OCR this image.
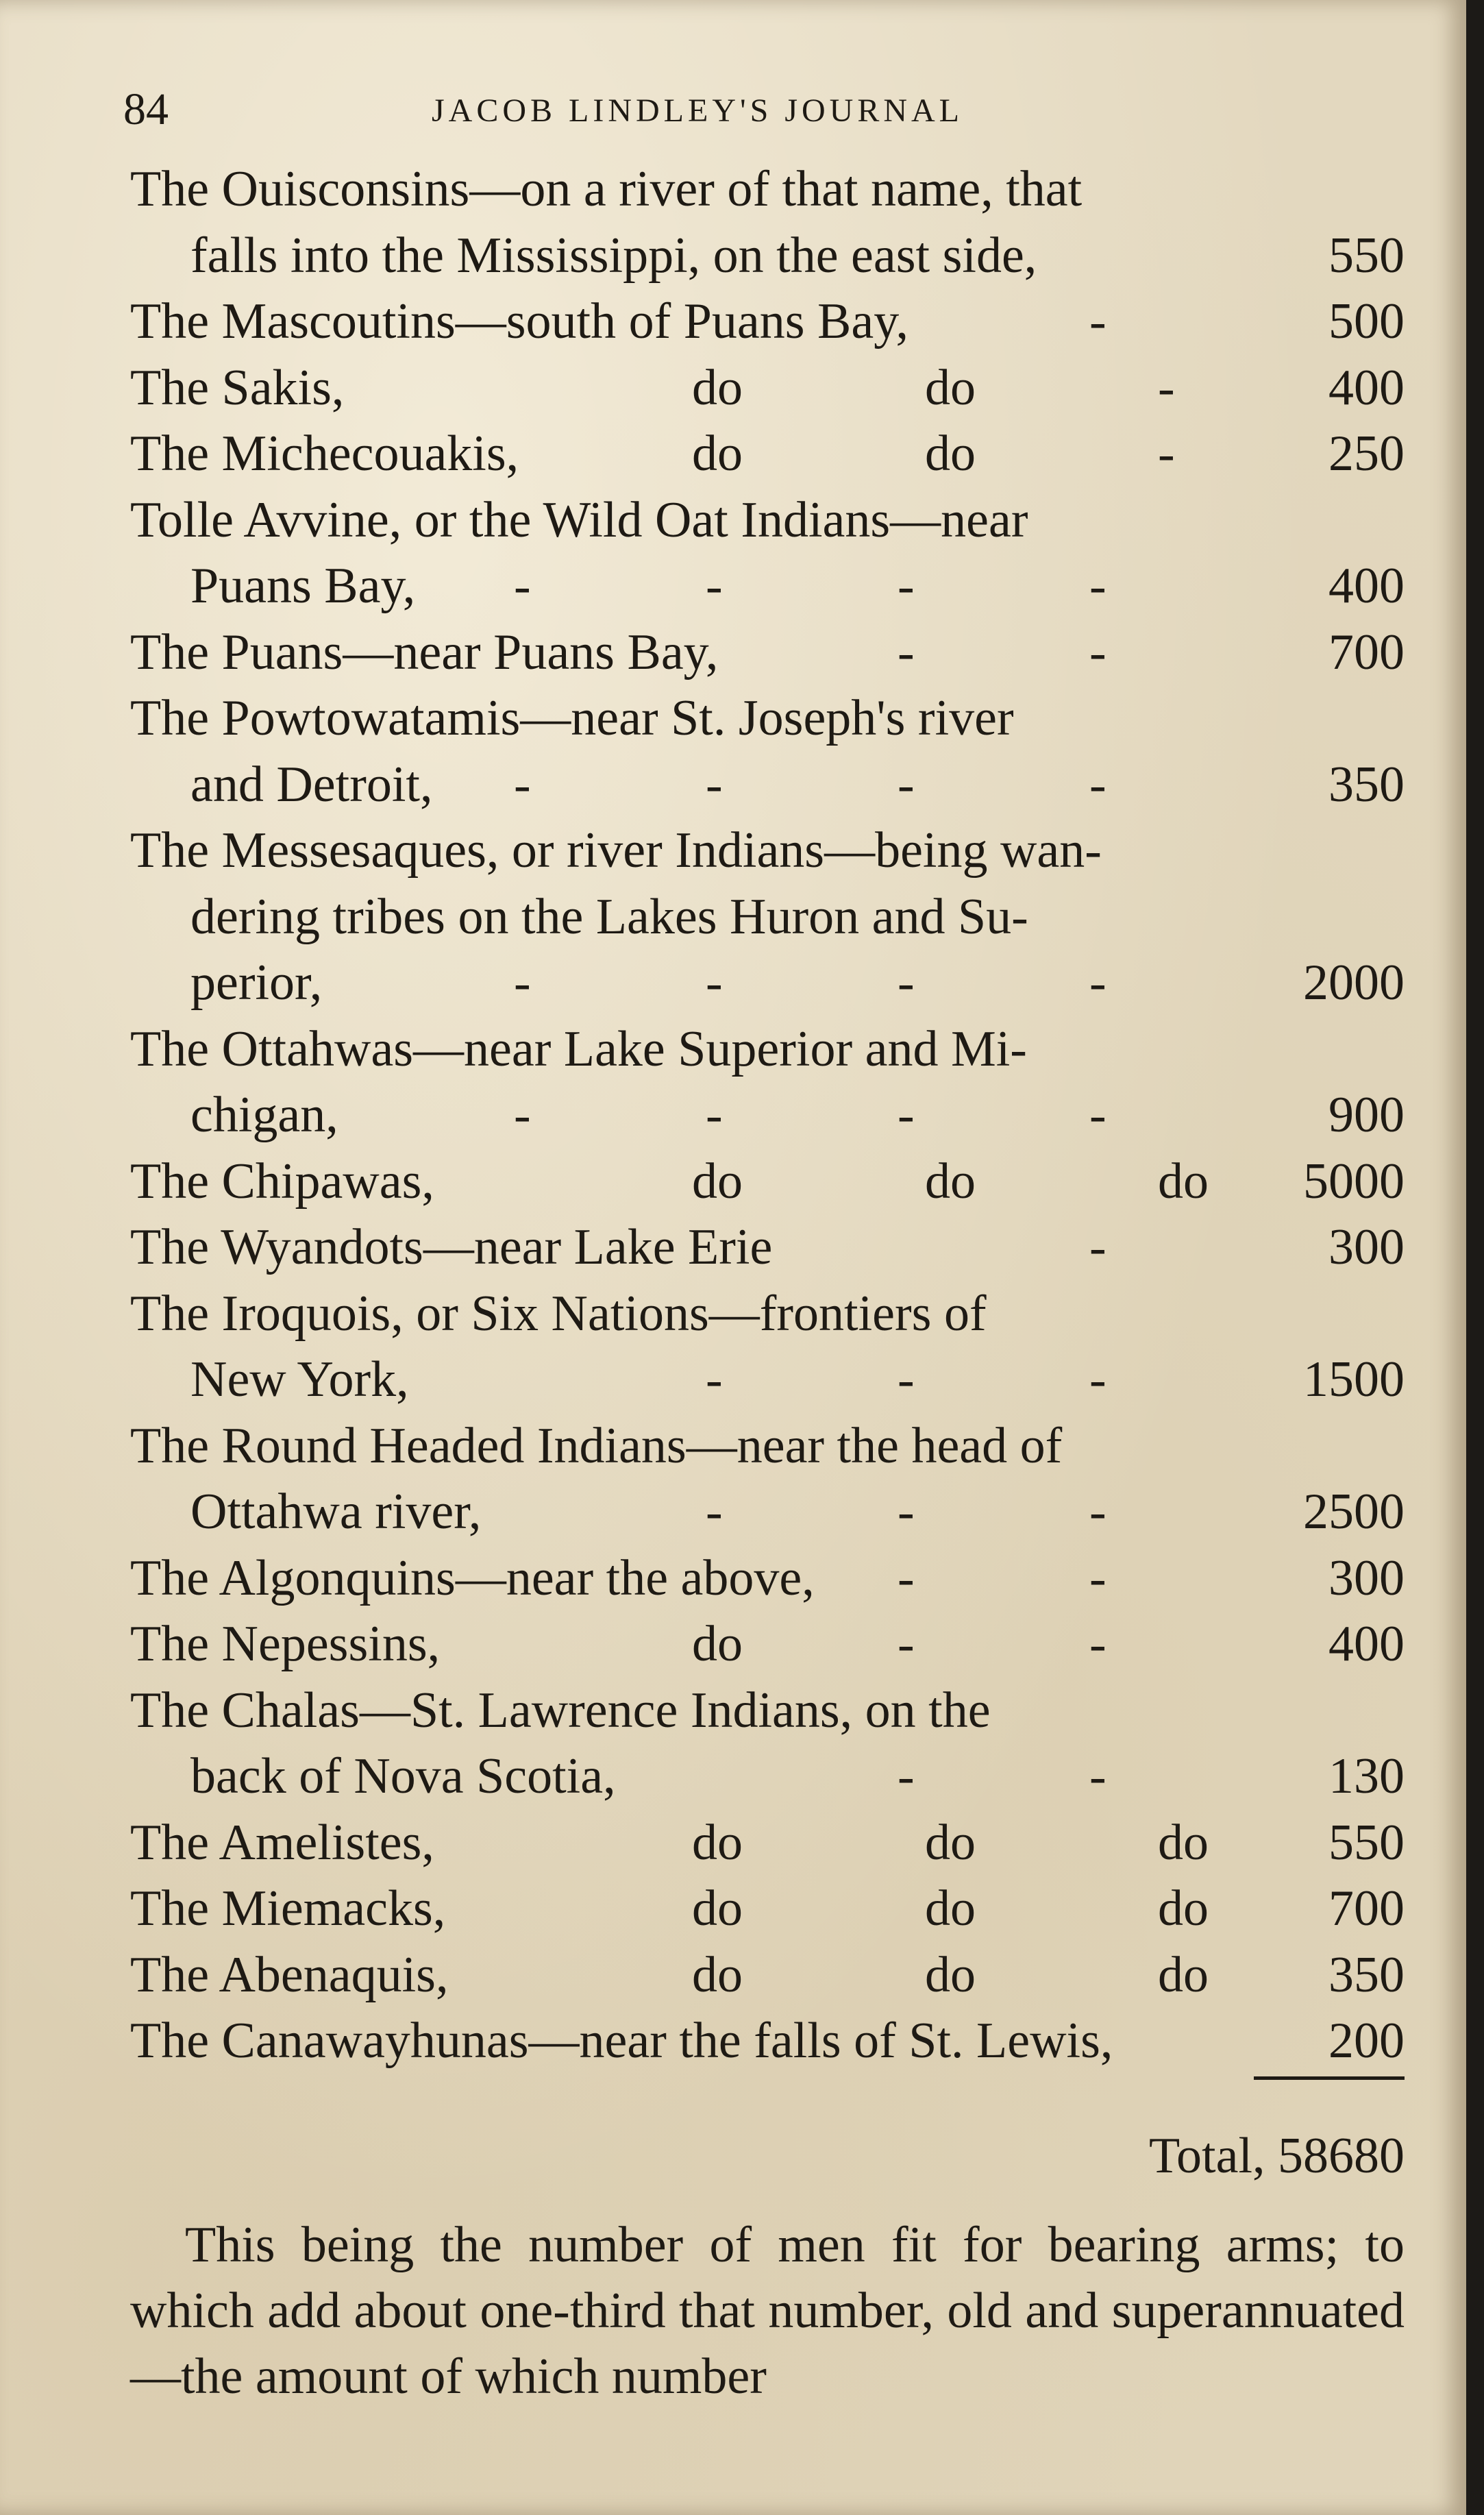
84	JACOB LINDLEY'S JOURNAL
The Ouisconsins—on a river of that name, that
falls into the Mississippi, on the east side,	550
The Mascoutins—south of Puans Bay,	-	500
The Sakis,	do	do	-	400
The Michecouakis,	do	do	-	250
Tolle Avvine, or the Wild Oat Indians—near
Puans Bay, -	-	-	-	400
The Puans—near Puans Bay,	-	-	700
The Powtowatamis—near St. Joseph's river
and Detroit, -	-	-	-	350
The Messesaques, or river Indians—being wan-
dering tribes on the Lakes Huron and Su-
perior,	-	-	-	-	2000
The Ottahwas—near Lake Superior and Mi-
chigan,	-	-	-	-	900
The Chipawas,	do	do	do 5000
The Wyandots—near Lake Erie	-	300
The Iroquois, or Six Nations—frontiers of
New York,	-	-	-	1500
The Round Headed Indians—near the head of
Ottahwa river,	-	-	-	2500
The Algonquins—near the above, -	-	300
The Nepessins,	do	-	-	400
The Chalas—St. Lawrence Indians, on the
back of Nova Scotia,	-	-	130
The Amelistes,	do	do	do 550
The Miemacks,	do	do	do 700
The Abenaquis,	do	do	do 350
The Canawayhunas—near the falls of St. Lewis,	200
Total, 58680
This being the number of men fit for bearing arms; to which add about one-third that number, old and superannuated—the amount of which number
